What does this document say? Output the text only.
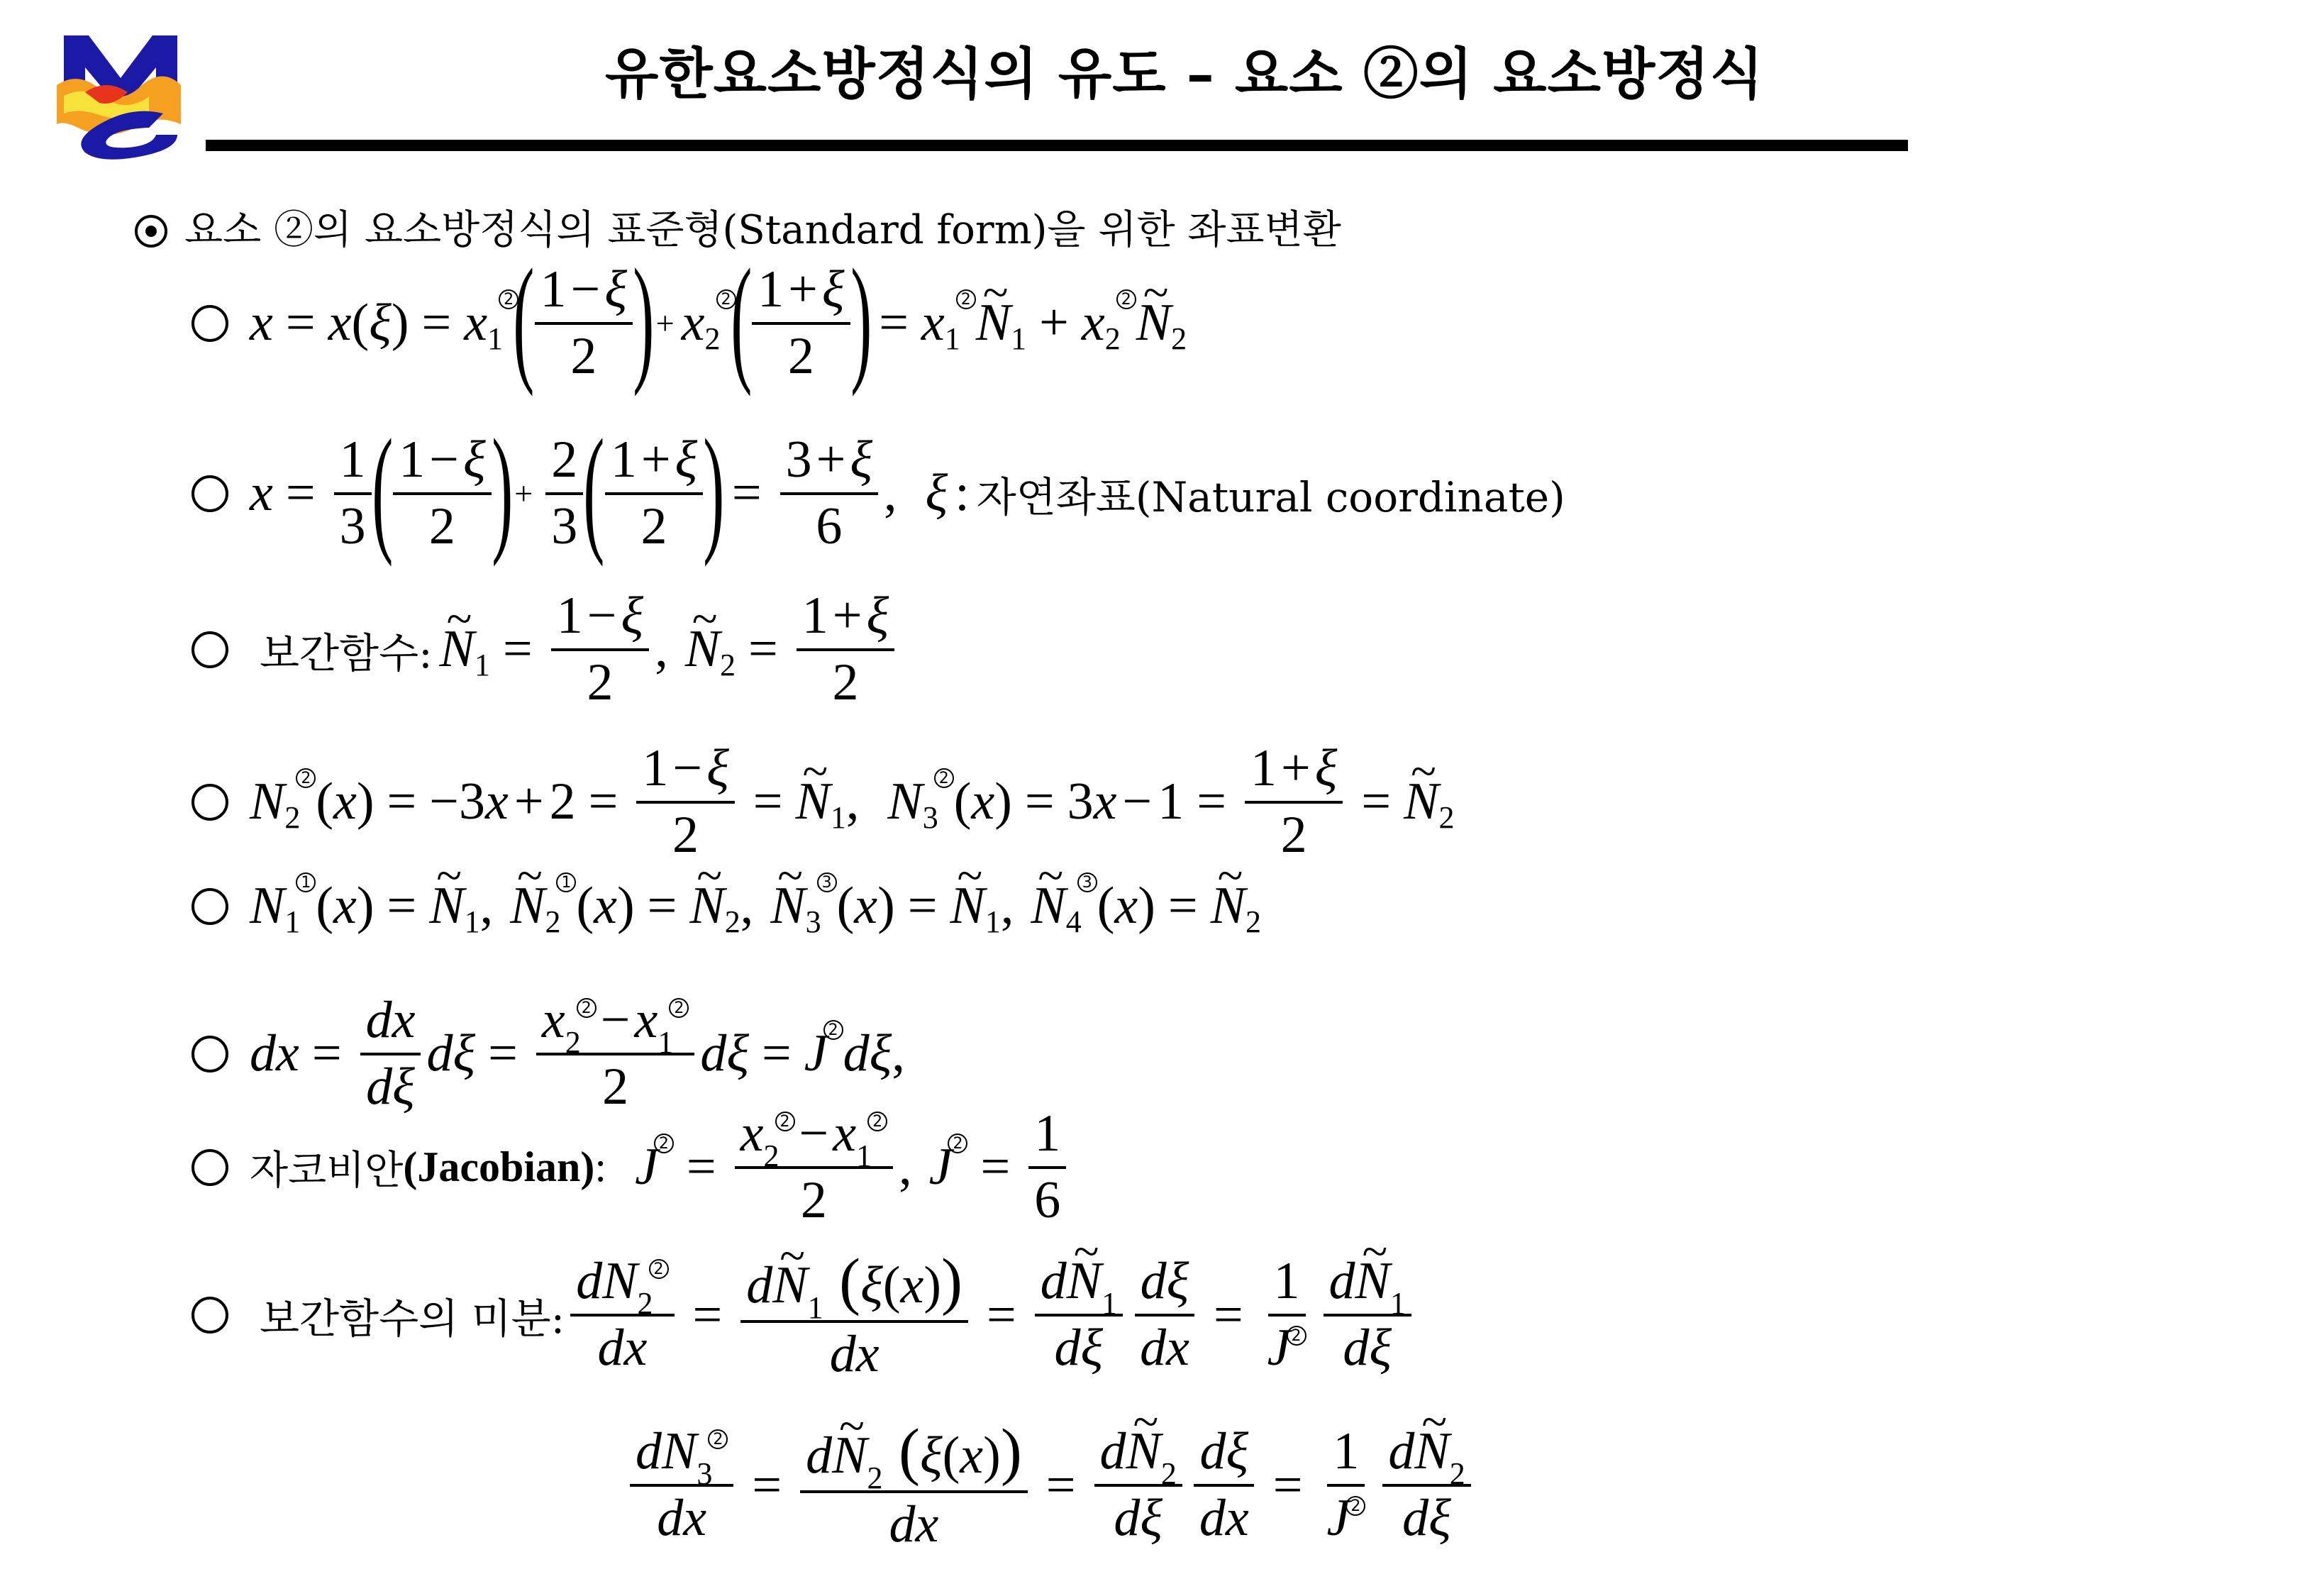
유한요소방정식의 유도 – 요소 ②의 요소방정식
요소 ②의 요소방정식의 표준형(Standard form)을 위한 좌표변환
x = x ( ξ ) = x 1
2 ( $\frac{1-\xi}{2}$ ) + x 2
2 ( $\frac{1+\xi}{2}$ ) = x 1
2 ~ N 1 + x 2
2 ~ N 2
$x = \frac{1}{3}$ ( $\frac{1-\xi}{2}$ ) + $\frac{2}{3}$ ( $\frac{1+\xi}{2}$ ) = $\frac{3+\xi}{6}$ , ξ : 자연좌표(Natural coordinate)
보간함수: ~ N $1 = \frac{1-\xi}{2}$ , ~ N $2 = \frac{1+\xi}{2}$
N 2
2 ( x ) = − 3 $x + 2 = \frac{1-\xi}{2}$ = ~ N 1 , N 3
2 ( x ) = 3 $x - 1 = \frac{1+\xi}{2}$ = ~ N 2
N 1
1 ( x ) = ~ N 1 , ~ N 2
1 ( x ) = ~ N 2 , ~ N 3
3 ( x ) = ~ N 1 , ~ N 4
3 ( x ) = ~ N 2
dx = $\frac{dx}{d\xi}$ $d\xi = \frac{x_22 -x_12}{2}$ dξ = J 2 dξ ,
자코비안 (Jacobian) : J $2 = \frac{x_22 -x_12}{2}$ , J $2 = \frac{1}{6}$
보간함수의 미분: $\frac{dN_22}{dx} = \frac{d\sim N_1 (\xi(x))}{dx} = \frac{d\sim N_1}{d\xi} \frac{d\xi}{dx} = \frac{1}{J2} \frac{d\sim N_1}{d\xi}$
$\frac{dN_32}{dx} = \frac{d\sim N_2 (\xi(x))}{dx} = \frac{d\sim N_2}{d\xi} \frac{d\xi}{dx} = \frac{1}{J2} \frac{d\sim N_2}{d\xi}$
